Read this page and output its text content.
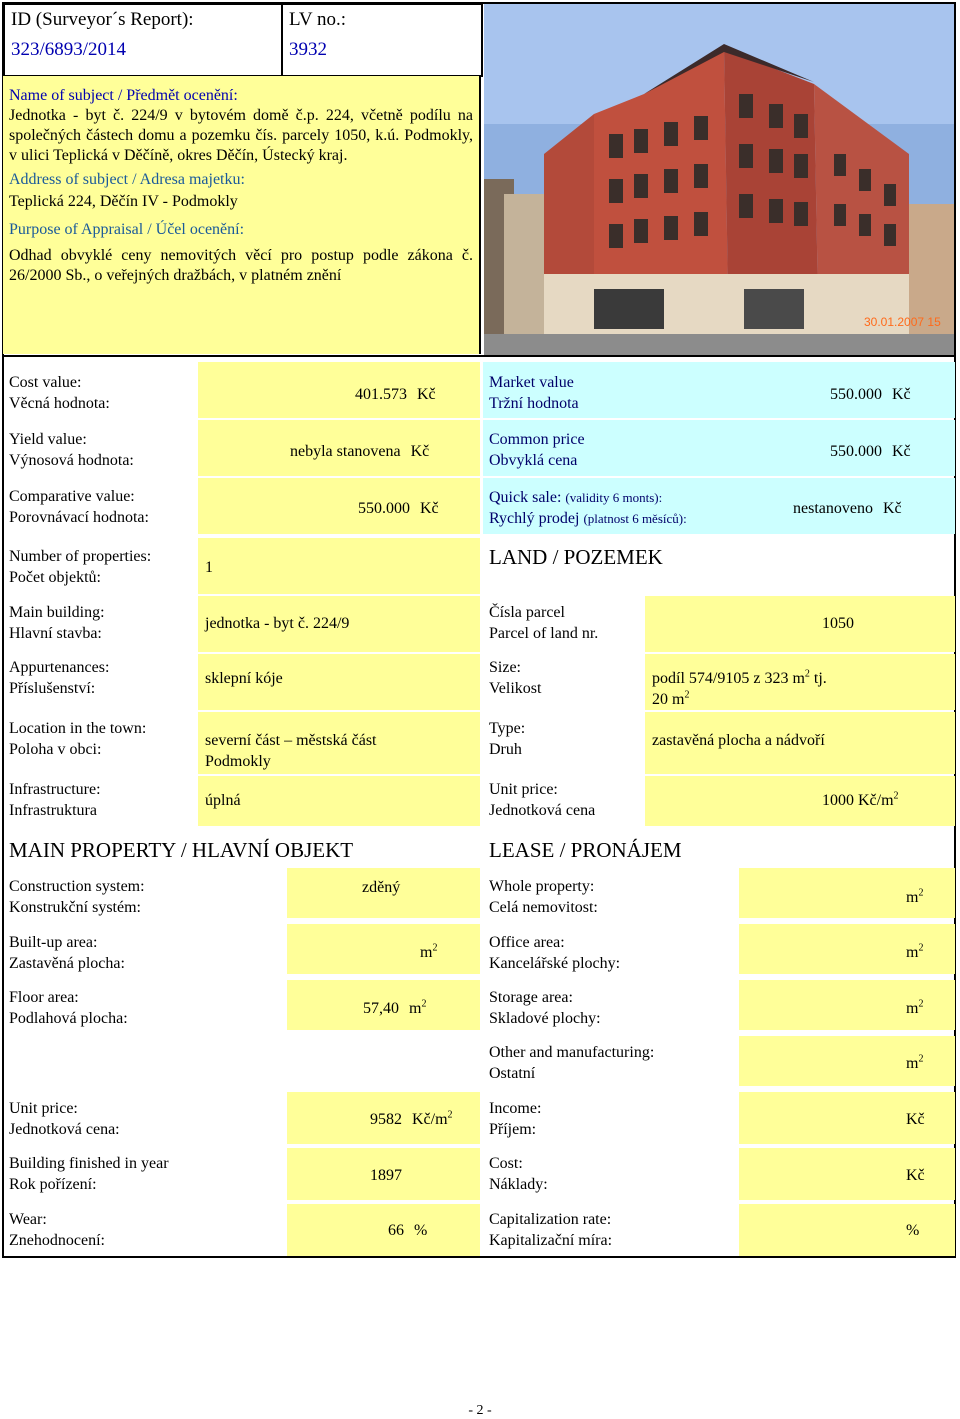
ID (Surveyor´s Report):
323/6893/2014
LV no.:
3932
Name of subject / Předmět ocenění:
Jednotka - byt č. 224/9 v bytovém domě č.p. 224, včetně podílu na společných částech domu a pozemku čís. parcely 1050, k.ú. Podmokly, v ulici Teplická v Děčíně, okres Děčín, Ústecký kraj.
Address of subject / Adresa majetku:
Teplická 224, Děčín IV - Podmokly
Purpose of Appraisal / Účel ocenění:
Odhad obvyklé ceny nemovitých věcí pro postup podle zákona č. 26/2000 Sb., o veřejných dražbách, v platném znění
30.01.2007 15
Cost value:
Věcná hodnota:
401.573 Kč
Yield value:
Výnosová hodnota:
nebyla stanovena Kč
Comparative value:
Porovnávací hodnota:
550.000 Kč
Market value
Tržní hodnota
550.000 Kč
Common price
Obvyklá cena
550.000 Kč
Quick sale: (validity 6 monts):
Rychlý prodej (platnost 6 měsíců):
nestanoveno Kč
Number of properties:
Počet objektů:
1
Main building:
Hlavní stavba:
jednotka - byt č. 224/9
Appurtenances:
Příslušenství:
sklepní kóje
Location in the town:
Poloha v obci:
severní část – městská část
Podmokly
Infrastructure:
Infrastruktura
úplná
LAND / POZEMEK
Čísla parcel
Parcel of land nr.
1050
Size:
Velikost
podíl 574/9105 z 323 $m^2$ tj.
20 $m^2$
Type:
Druh
zastavěná plocha a nádvoří
Unit price:
Jednotková cena
1000 $Kč/m^2$
MAIN PROPERTY / HLAVNÍ OBJEKT
Construction system:
Konstrukční systém:
zděný
Built-up area:
Zastavěná plocha:
$m^2$
Floor area:
Podlahová plocha:
57,40 $m^2$
Unit price:
Jednotková cena:
9582 $Kč/m^2$
Building finished in year
Rok pořízení:
1897
Wear:
Znehodnocení:
66 %
LEASE / PRONÁJEM
Whole property:
Celá nemovitost:
$m^2$
Office area:
Kancelářské plochy:
$m^2$
Storage area:
Skladové plochy:
$m^2$
Other and manufacturing:
Ostatní
$m^2$
Income:
Příjem:
Kč
Cost:
Náklady:
Kč
Capitalization rate:
Kapitalizační míra:
%
- 2 -
